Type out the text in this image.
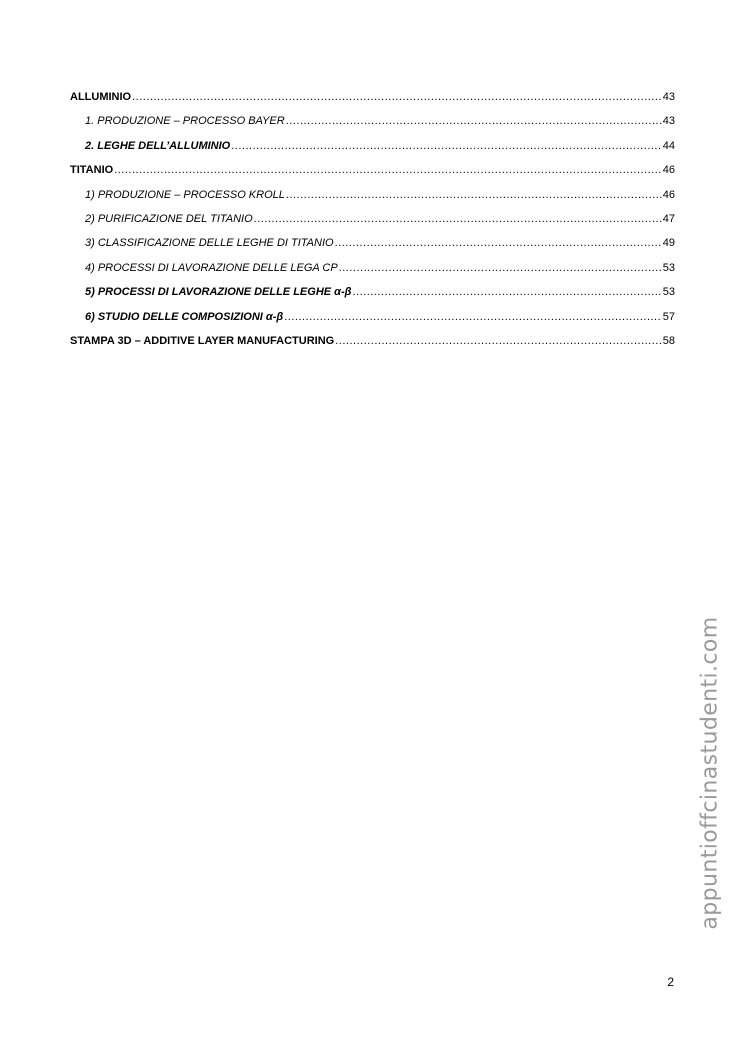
ALLUMINIO .....	43
1. PRODUZIONE – PROCESSO BAYER .....	43
2. LEGHE DELL’ALLUMINIO .....	44
TITANIO .....	46
1) PRODUZIONE – PROCESSO KROLL .....	46
2) PURIFICAZIONE DEL TITANIO .....	47
3) CLASSIFICAZIONE DELLE LEGHE DI TITANIO .....	49
4) PROCESSI DI LAVORAZIONE DELLE LEGA CP .....	53
5) PROCESSI DI LAVORAZIONE DELLE LEGHE α-β .....	53
6) STUDIO DELLE COMPOSIZIONI α-β .....	57
STAMPA 3D – ADDITIVE LAYER MANUFACTURING .....	58
appuntioffcinastudenti.com
2
